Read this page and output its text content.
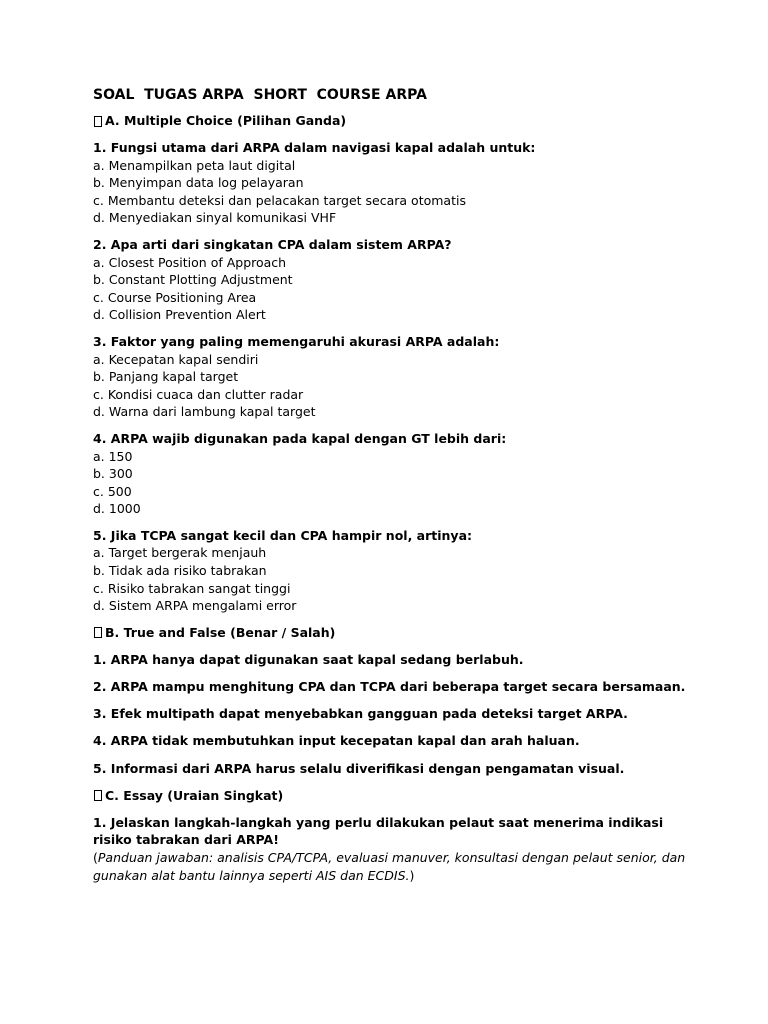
SOAL  TUGAS ARPA  SHORT  COURSE ARPA
A. Multiple Choice (Pilihan Ganda)
1. Fungsi utama dari ARPA dalam navigasi kapal adalah untuk:
a. Menampilkan peta laut digital
b. Menyimpan data log pelayaran
c. Membantu deteksi dan pelacakan target secara otomatis
d. Menyediakan sinyal komunikasi VHF
2. Apa arti dari singkatan CPA dalam sistem ARPA?
a. Closest Position of Approach
b. Constant Plotting Adjustment
c. Course Positioning Area
d. Collision Prevention Alert
3. Faktor yang paling memengaruhi akurasi ARPA adalah:
a. Kecepatan kapal sendiri
b. Panjang kapal target
c. Kondisi cuaca dan clutter radar
d. Warna dari lambung kapal target
4. ARPA wajib digunakan pada kapal dengan GT lebih dari:
a. 150
b. 300
c. 500
d. 1000
5. Jika TCPA sangat kecil dan CPA hampir nol, artinya:
a. Target bergerak menjauh
b. Tidak ada risiko tabrakan
c. Risiko tabrakan sangat tinggi
d. Sistem ARPA mengalami error
B. True and False (Benar / Salah)
1. ARPA hanya dapat digunakan saat kapal sedang berlabuh.
2. ARPA mampu menghitung CPA dan TCPA dari beberapa target secara bersamaan.
3. Efek multipath dapat menyebabkan gangguan pada deteksi target ARPA.
4. ARPA tidak membutuhkan input kecepatan kapal dan arah haluan.
5. Informasi dari ARPA harus selalu diverifikasi dengan pengamatan visual.
C. Essay (Uraian Singkat)
1. Jelaskan langkah-langkah yang perlu dilakukan pelaut saat menerima indikasi risiko tabrakan dari ARPA!
(Panduan jawaban: analisis CPA/TCPA, evaluasi manuver, konsultasi dengan pelaut senior, dan gunakan alat bantu lainnya seperti AIS dan ECDIS.)
